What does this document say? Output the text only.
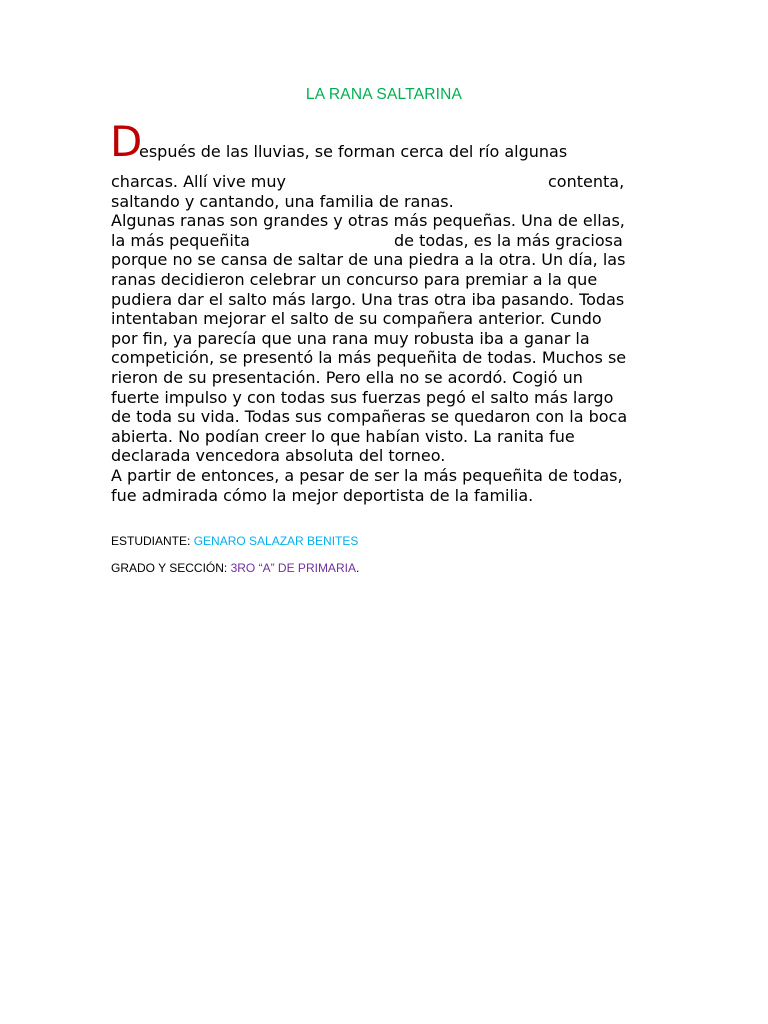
LA RANA SALTARINA
D
espués de las lluvias, se forman cerca del río algunas
charcas. Allí vive muy	contenta,
saltando y cantando, una familia de ranas.
Algunas ranas son grandes y otras más pequeñas. Una de ellas,
la más pequeñita	de todas, es la más graciosa
porque no se cansa de saltar de una piedra a la otra. Un día, las
ranas decidieron celebrar un concurso para premiar a la que
pudiera dar el salto más largo. Una tras otra iba pasando. Todas
intentaban mejorar el salto de su compañera anterior. Cundo
por fin, ya parecía que una rana muy robusta iba a ganar la
competición, se presentó la más pequeñita de todas. Muchos se
rieron de su presentación. Pero ella no se acordó. Cogió un
fuerte impulso y con todas sus fuerzas pegó el salto más largo
de toda su vida. Todas sus compañeras se quedaron con la boca
abierta. No podían creer lo que habían visto. La ranita fue
declarada vencedora absoluta del torneo.
A partir de entonces, a pesar de ser la más pequeñita de todas,
fue admirada cómo la mejor deportista de la familia.
ESTUDIANTE: GENARO SALAZAR BENITES
GRADO Y SECCIÓN: 3RO “A” DE PRIMARIA.
